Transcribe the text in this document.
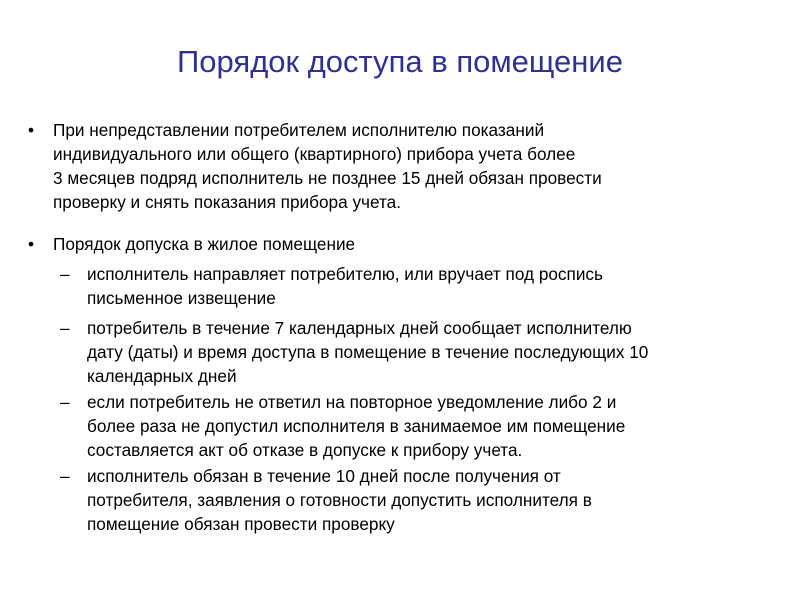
Порядок доступа в помещение
• При непредставлении потребителем исполнителю показаний
индивидуального или общего (квартирного) прибора учета более
3 месяцев подряд исполнитель не позднее 15 дней обязан провести
проверку и снять показания прибора учета.
• Порядок допуска в жилое помещение
– исполнитель направляет потребителю, или вручает под роспись
письменное извещение
– потребитель в течение 7 календарных дней сообщает исполнителю
дату (даты) и время доступа в помещение в течение последующих 10
календарных дней
– если потребитель не ответил на повторное уведомление либо 2 и
более раза не допустил исполнителя в занимаемое им помещение
составляется акт об отказе в допуске к прибору учета.
– исполнитель обязан в течение 10 дней после получения от
потребителя, заявления о готовности допустить исполнителя в
помещение обязан провести проверку
